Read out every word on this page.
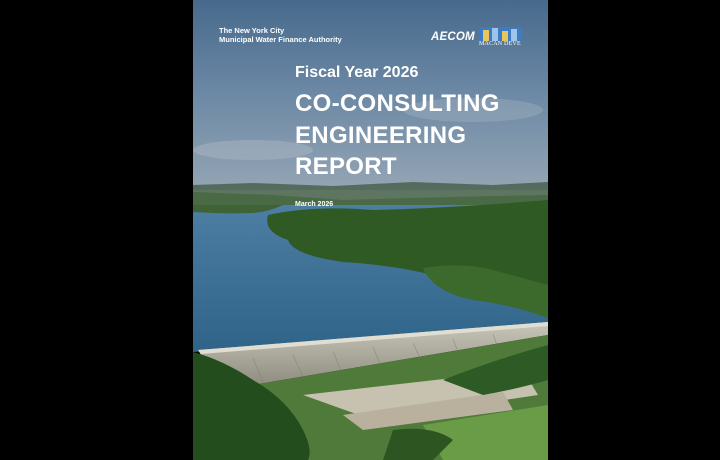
The New York City
Municipal Water Finance Authority	AECOM
MACAN DEVE
Fiscal Year 2026
CO-CONSULTING
ENGINEERING
REPORT
March 2026
